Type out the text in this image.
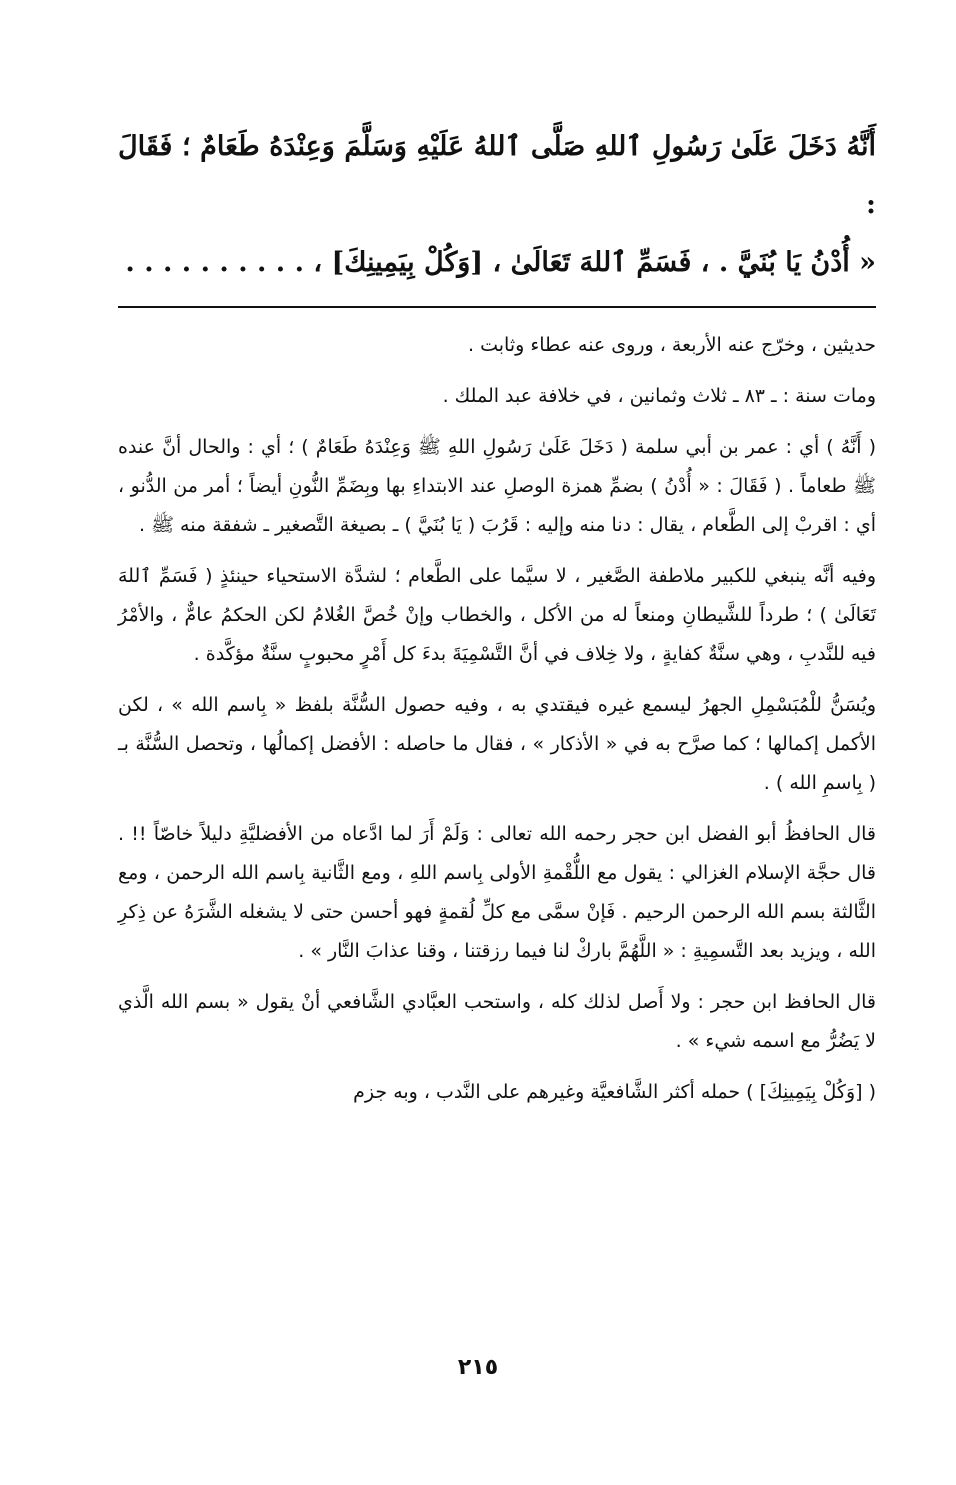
أَنَّهُ دَخَلَ عَلَىٰ رَسُولِ ٱللهِ صَلَّى ٱللهُ عَلَيْهِ وَسَلَّمَ وَعِنْدَهُ طَعَامٌ ؛ فَقَالَ :

« أُدْنُ يَا بُنَيَّ . ، فَسَمِّ ٱللهَ تَعَالَىٰ ، [وَكُلْ بِيَمِينِكَ] ، . . . . . . . . . .

حديثين ، وخرّج عنه الأربعة ، وروى عنه عطاء وثابت .

ومات سنة : ـ ٨٣ ـ ثلاث وثمانين ، في خلافة عبد الملك .

( أَنَّهُ ) أي : عمر بن أبي سلمة ( دَخَلَ عَلَىٰ رَسُولِ اللهِ ﷺ وَعِنْدَهُ طَعَامٌ ) ؛ أي : والحال أنَّ عنده ﷺ طعاماً . ( فَقَالَ : « أُدْنُ ) بضمِّ همزة الوصلِ عند الابتداءِ بها وبِضَمِّ النُّونِ أيضاً ؛ أمر من الدُّنو ، أي : اقربْ إلى الطَّعام ، يقال : دنا منه وإليه : قَرُبَ ( يَا بُنَيَّ ) ـ بصيغة التَّصغير ـ شفقة منه ﷺ .

وفيه أنَّه ينبغي للكبير ملاطفة الصَّغير ، لا سيَّما على الطَّعام ؛ لشدَّة الاستحياء حينئذٍ ( فَسَمِّ ٱللهَ تَعَالَىٰ ) ؛ طرداً للشَّيطانِ ومنعاً له من الأكل ، والخطاب وإنْ خُصَّ الغُلامُ لكن الحكمُ عامٌّ ، والأمْرُ فيه للنَّدبِ ، وهي سنَّةٌ كفايةٍ ، ولا خِلاف في أنَّ التَّسْمِيَةَ بدءَ كل أَمْرٍ محبوبٍ سنَّةٌ مؤكَّدة .

ويُسَنُّ للْمُبَسْمِلِ الجهرُ ليسمع غيره فيقتدي به ، وفيه حصول السُّنَّة بلفظ « بِاسم الله » ، لكن الأكمل إكمالها ؛ كما صرَّح به في « الأذكار » ، فقال ما حاصله : الأفضل إكمالُها ، وتحصل السُّنَّة بـ ( بِاسمِ الله ) .

قال الحافظُ أبو الفضل ابن حجر رحمه الله تعالى : وَلَمْ أَرَ لما ادَّعاه من الأفضليَّةِ دليلاً خاصّاً !! . قال حجَّة الإسلام الغزالي : يقول مع اللُّقْمةِ الأولى بِاسم اللهِ ، ومع الثَّانية بِاسم الله الرحمن ، ومع الثَّالثة بسم الله الرحمن الرحيم . فَإنْ سمَّى مع كلِّ لُقمةٍ فهو أحسن حتى لا يشغله الشَّرَهُ عن ذِكرِ الله ، ويزيد بعد التَّسمِيةِ : « اللَّهُمَّ باركْ لنا فيما رزقتنا ، وقنا عذابَ النَّار » .

قال الحافظ ابن حجر : ولا أَصل لذلك كله ، واستحب العبَّادي الشَّافعي أنْ يقول « بسم الله الَّذي لا يَضُرُّ مع اسمه شيء » .

( [وَكُلْ بِيَمِينِكَ] ) حمله أكثر الشَّافعيَّة وغيرهم على النَّدب ، وبه جزم

٢١٥
